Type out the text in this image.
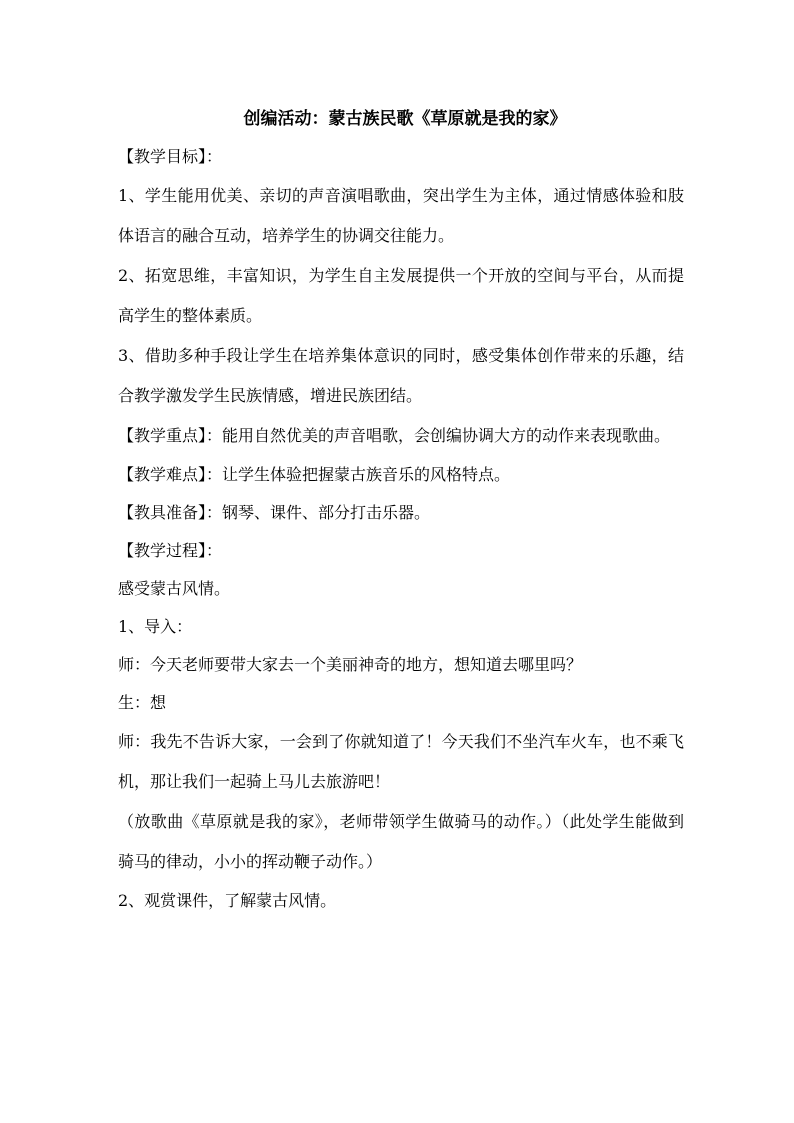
创编活动：蒙古族民歌《草原就是我的家》

【教学目标】：

1、学生能用优美、亲切的声音演唱歌曲，突出学生为主体，通过情感体验和肢体语言的融合互动，培养学生的协调交往能力。

2、拓宽思维，丰富知识，为学生自主发展提供一个开放的空间与平台，从而提高学生的整体素质。

3、借助多种手段让学生在培养集体意识的同时，感受集体创作带来的乐趣，结合教学激发学生民族情感，增进民族团结。

【教学重点】：能用自然优美的声音唱歌，会创编协调大方的动作来表现歌曲。

【教学难点】：让学生体验把握蒙古族音乐的风格特点。

【教具准备】：钢琴、课件、部分打击乐器。

【教学过程】：

感受蒙古风情。

1、导入：

师：今天老师要带大家去一个美丽神奇的地方，想知道去哪里吗？

生：想

师：我先不告诉大家，一会到了你就知道了！今天我们不坐汽车火车，也不乘飞机，那让我们一起骑上马儿去旅游吧！

（放歌曲《草原就是我的家》，老师带领学生做骑马的动作。）（此处学生能做到骑马的律动，小小的挥动鞭子动作。）

2、观赏课件，了解蒙古风情。
